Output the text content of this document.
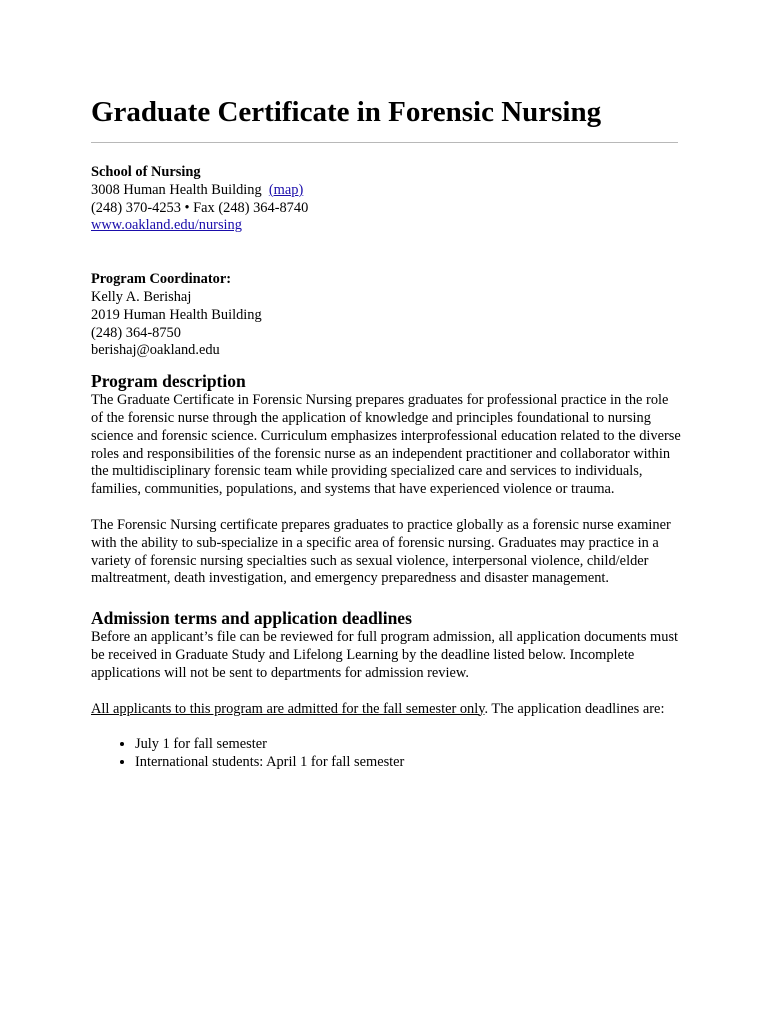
Graduate Certificate in Forensic Nursing
School of Nursing
3008 Human Health Building (map)
(248) 370-4253 • Fax (248) 364-8740
www.oakland.edu/nursing
Program Coordinator:
Kelly A. Berishaj
2019 Human Health Building
(248) 364-8750
berishaj@oakland.edu
Program description

The Graduate Certificate in Forensic Nursing prepares graduates for professional practice in the role of the forensic nurse through the application of knowledge and principles foundational to nursing science and forensic science. Curriculum emphasizes interprofessional education related to the diverse roles and responsibilities of the forensic nurse as an independent practitioner and collaborator within the multidisciplinary forensic team while providing specialized care and services to individuals, families, communities, populations, and systems that have experienced violence or trauma.

The Forensic Nursing certificate prepares graduates to practice globally as a forensic nurse examiner with the ability to sub-specialize in a specific area of forensic nursing. Graduates may practice in a variety of forensic nursing specialties such as sexual violence, interpersonal violence, child/elder maltreatment, death investigation, and emergency preparedness and disaster management.

Admission terms and application deadlines

Before an applicant’s file can be reviewed for full program admission, all application documents must be received in Graduate Study and Lifelong Learning by the deadline listed below. Incomplete applications will not be sent to departments for admission review.

All applicants to this program are admitted for the fall semester only. The application deadlines are:

• July 1 for fall semester
• International students: April 1 for fall semester
